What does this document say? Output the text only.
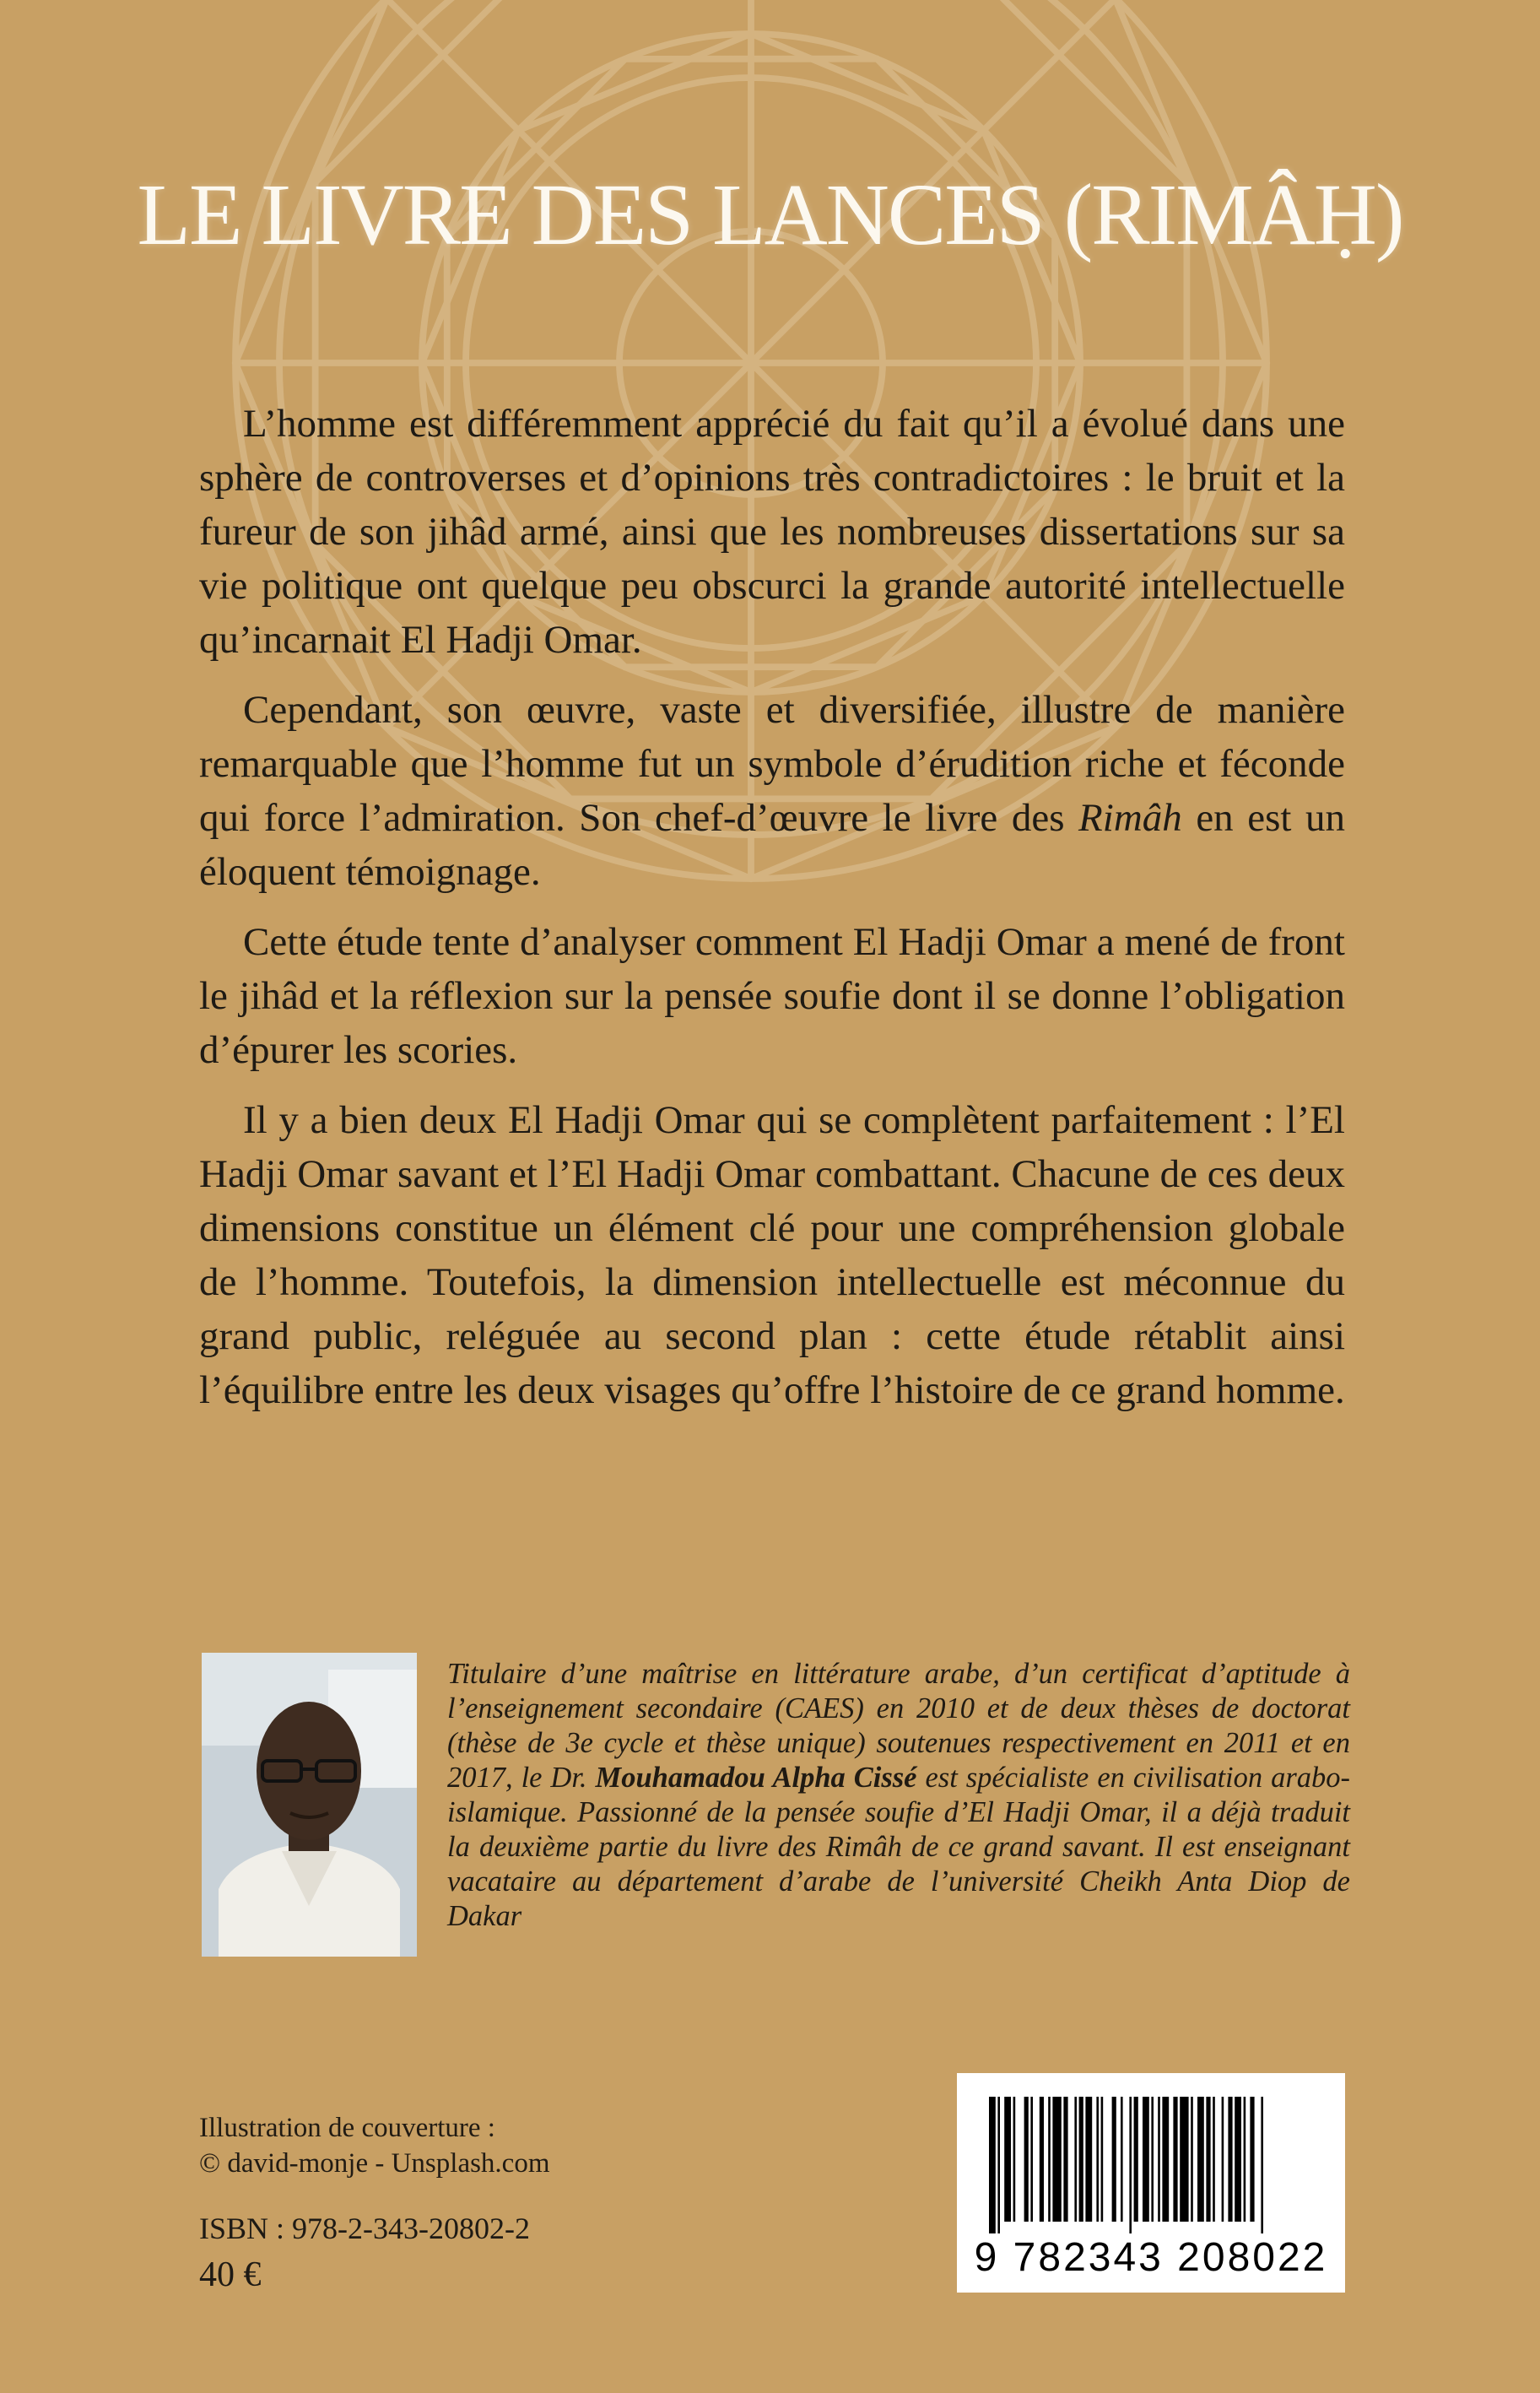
LE LIVRE DES LANCES (RIMÂḤ)

L’homme est différemment apprécié du fait qu’il a évolué dans une sphère de controverses et d’opinions très contradictoires : le bruit et la fureur de son jihâd armé, ainsi que les nombreuses dissertations sur sa vie politique ont quelque peu obscurci la grande autorité intellectuelle qu’incarnait El Hadji Omar.

Cependant, son œuvre, vaste et diversifiée, illustre de manière remarquable que l’homme fut un symbole d’érudition riche et féconde qui force l’admiration. Son chef-d’œuvre le livre des Rimâh en est un éloquent témoignage.

Cette étude tente d’analyser comment El Hadji Omar a mené de front le jihâd et la réflexion sur la pensée soufie dont il se donne l’obligation d’épurer les scories.

Il y a bien deux El Hadji Omar qui se complètent parfaitement : l’El Hadji Omar savant et l’El Hadji Omar combattant. Chacune de ces deux dimensions constitue un élément clé pour une compréhension globale de l’homme. Toutefois, la dimension intellectuelle est méconnue du grand public, reléguée au second plan : cette étude rétablit ainsi l’équilibre entre les deux visages qu’offre l’histoire de ce grand homme.

Titulaire d’une maîtrise en littérature arabe, d’un certificat d’aptitude à l’enseignement secondaire (CAES) en 2010 et de deux thèses de doctorat (thèse de 3e cycle et thèse unique) soutenues respectivement en 2011 et en 2017, le Dr. Mouhamadou Alpha Cissé est spécialiste en civilisation arabo-islamique. Passionné de la pensée soufie d’El Hadji Omar, il a déjà traduit la deuxième partie du livre des Rimâh de ce grand savant. Il est enseignant vacataire au département d’arabe de l’université Cheikh Anta Diop de Dakar
Illustration de couverture :
© david-monje - Unsplash.com
ISBN : 978-2-343-20802-2
40 €	9 782343 208022
